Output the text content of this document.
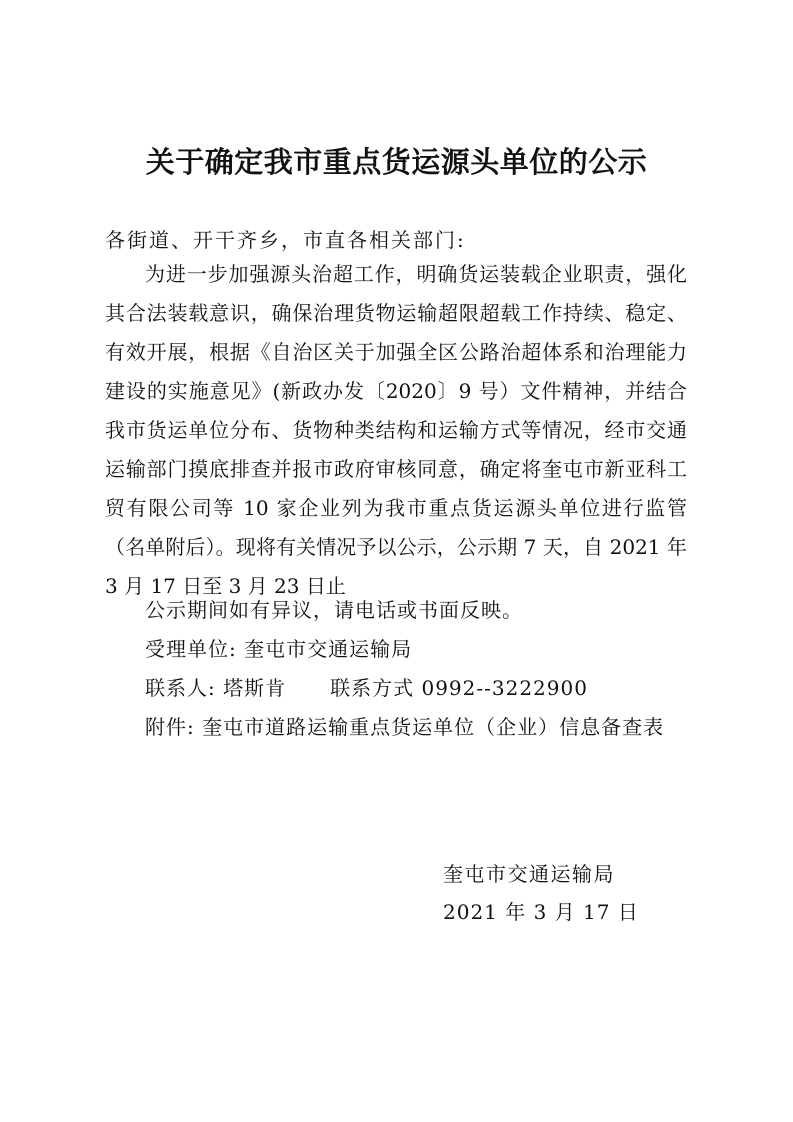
关于确定我市重点货运源头单位的公示
各街道、开干齐乡，市直各相关部门:
为进一步加强源头治超工作，明确货运装载企业职责，强化
其合法装载意识，确保治理货物运输超限超载工作持续、稳定、
有效开展，根据《自治区关于加强全区公路治超体系和治理能力
建设的实施意见》(新政办发〔2020〕9 号）文件精神，并结合
我市货运单位分布、货物种类结构和运输方式等情况，经市交通
运输部门摸底排查并报市政府审核同意，确定将奎屯市新亚科工
贸有限公司等 10 家企业列为我市重点货运源头单位进行监管
（名单附后）。现将有关情况予以公示，公示期 7 天，自 2021 年
3 月 17 日至 3 月 23 日止
公示期间如有异议，请电话或书面反映。
受理单位: 奎屯市交通运输局
联系人: 塔斯肯 联系方式 0992--3222900
附件: 奎屯市道路运输重点货运单位（企业）信息备查表
奎屯市交通运输局
2021 年 3 月 17 日
